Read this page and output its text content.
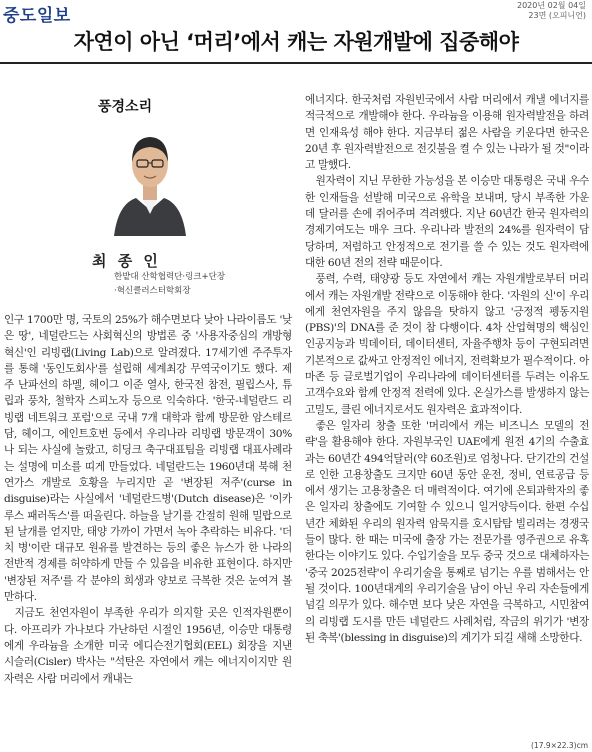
중도일보
2020년 02월 04일
23면 (오피니언)
자연이 아닌 ‘머리’에서 캐는 자원개발에 집중해야
풍경소리
최 종 인
한밭대 산학협력단·링크+단장
·혁신클러스터학회장

인구 1700만 명, 국토의 25%가 해수면보다 낮아 나라이름도 '낮은 땅', 네덜란드는 사회혁신의 방법론 중 '사용자중심의 개방형 혁신'인 리빙랩(Living Lab)으로 알려졌다. 17세기엔 주주투자를 통해 '동인도회사'를 설립해 세계최강 무역국이기도 했다. 제주 난파선의 하멜, 헤이그 이준 열사, 한국전 참전, 필립스사, 튜립과 풍차, 철학자 스피노자 등으로 익숙하다. '한국-네덜란드 리빙랩 네트워크 포럼'으로 국내 7개 대학과 함께 방문한 암스테르담, 헤이그, 에인트호번 등에서 우리나라 리빙랩 방문객이 30%나 되는 사실에 놀랐고, 히딩크 축구대표팀을 리빙랩 대표사례라는 설명에 미소를 띠게 만들었다. 네덜란드는 1960년대 북해 천연가스 개발로 호황을 누리지만 곧 '변장된 저주'(curse in disguise)라는 사실에서 '네덜란드병'(Dutch disease)은 '이카루스 패러독스'를 떠올린다. 하늘을 날기를 간절히 원해 밀랍으로 된 날개를 얻지만, 태양 가까이 가면서 녹아 추락하는 비유다. '더치 병'이란 대규모 원유를 발견하는 등의 좋은 뉴스가 한 나라의 전반적 경제를 허약하게 만들 수 있음을 비유한 표현이다. 하지만 '변장된 저주'를 각 분야의 희생과 양보로 극복한 것은 눈여겨 볼만하다.

지금도 천연자원이 부족한 우리가 의지할 곳은 인적자원뿐이다. 아프리카 가나보다 가난하던 시절인 1956년, 이승만 대통령에게 우라늄을 소개한 미국 에디슨전기협회(EEL) 회장을 지낸 시슬러(Cisler) 박사는 "석탄은 자연에서 캐는 에너지이지만 원자력은 사람 머리에서 캐내는

에너지다. 한국처럼 자원빈국에서 사람 머리에서 캐낼 에너지를 적극적으로 개발해야 한다. 우라늄을 이용해 원자력발전을 하려면 인재육성 해야 한다. 지금부터 젊은 사람을 키운다면 한국은 20년 후 원자력발전으로 전깃불을 켤 수 있는 나라가 될 것"이라고 말했다.

원자력이 지닌 무한한 가능성을 본 이승만 대통령은 국내 우수한 인재들을 선발해 미국으로 유학을 보내며, 당시 부족한 가운데 달러를 손에 쥐어주며 격려했다. 지난 60년간 한국 원자력의 경제기여도는 매우 크다. 우리나라 발전의 24%를 원자력이 담당하며, 저렴하고 안정적으로 전기를 쓸 수 있는 것도 원자력에 대한 60년 전의 전략 때문이다.

풍력, 수력, 태양광 등도 자연에서 캐는 자원개발로부터 머리에서 캐는 자원개발 전략으로 이동해야 한다. '자원의 신'이 우리에게 천연자원을 주지 않음을 탓하지 않고 '긍정적 펭동지원(PBS)'의 DNA를 준 것이 참 다행이다. 4차 산업혁명의 핵심인 인공지능과 빅데이터, 데이터센터, 자율주행차 등이 구현되려면 기본적으로 값싸고 안정적인 에너지, 전력확보가 필수적이다. 아마존 등 글로벌기업이 우리나라에 데이터센터를 두려는 이유도 고객수요와 함께 안정적 전력에 있다. 온실가스를 발생하지 않는 고밀도, 클린 에너지로서도 원자력은 효과적이다.

좋은 일자리 창출 또한 '머리에서 캐는 비즈니스 모델의 전략'을 활용해야 한다. 자원부국인 UAE에게 원전 4기의 수출효과는 60년간 494억달러(약 60조원)로 엄청나다. 단기간의 건설로 인한 고용창출도 크지만 60년 동안 운전, 정비, 연료공급 등에서 생기는 고용창출은 더 매력적이다. 여기에 은퇴과학자의 좋은 일자리 창출에도 기여할 수 있으니 일거양득이다. 한편 수십 년간 체화된 우리의 원자력 암묵지를 호시탐탐 빌리려는 경쟁국들이 많다. 한 때는 미국에 출장 가는 전문가를 영주권으로 유혹한다는 이야기도 있다. 수입기술을 모두 중국 것으로 대체하자는 '중국 2025전략'이 우리기술을 통째로 넘기는 우를 범해서는 안 될 것이다. 100년대계의 우리기술을 남이 아닌 우리 자손들에게 넘길 의무가 있다. 해수면 보다 낮은 자연을 극복하고, 시민참여의 리빙랩 도시를 만든 네덜란드 사례처럼, 작금의 위기가 '변장된 축복'(blessing in disguise)의 계기가 되길 새해 소망한다.

(17.9×22.3)cm
